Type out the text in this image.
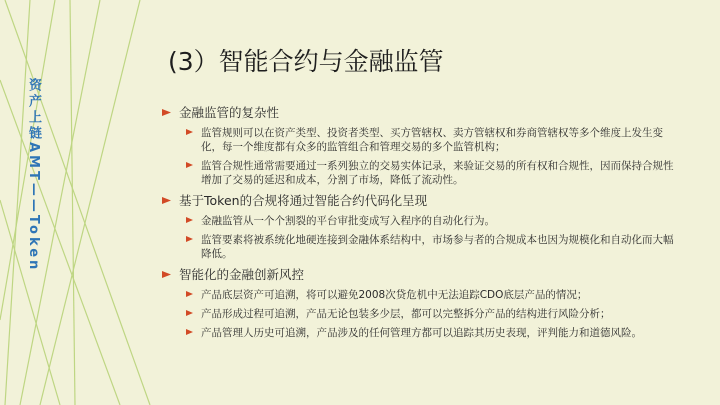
资产上链AMT——Token
(3）智能合约与金融监管
金融监管的复杂性
监管规则可以在资产类型、投资者类型、买方管辖权、卖方管辖权和券商管辖权等多个维度上发生变化，每一个维度都有众多的监管组合和管理交易的多个监管机构；
监管合规性通常需要通过一系列独立的交易实体记录，来验证交易的所有权和合规性，因而保持合规性增加了交易的延迟和成本，分割了市场，降低了流动性。
基于Token的合规将通过智能合约代码化呈现
金融监管从一个个割裂的平台审批变成写入程序的自动化行为。
监管要素将被系统化地硬连接到金融体系结构中，市场参与者的合规成本也因为规模化和自动化而大幅降低。
智能化的金融创新风控
产品底层资产可追溯，将可以避免2008次贷危机中无法追踪CDO底层产品的情况；
产品形成过程可追溯，产品无论包装多少层，都可以完整拆分产品的结构进行风险分析；
产品管理人历史可追溯，产品涉及的任何管理方都可以追踪其历史表现，评判能力和道德风险。
